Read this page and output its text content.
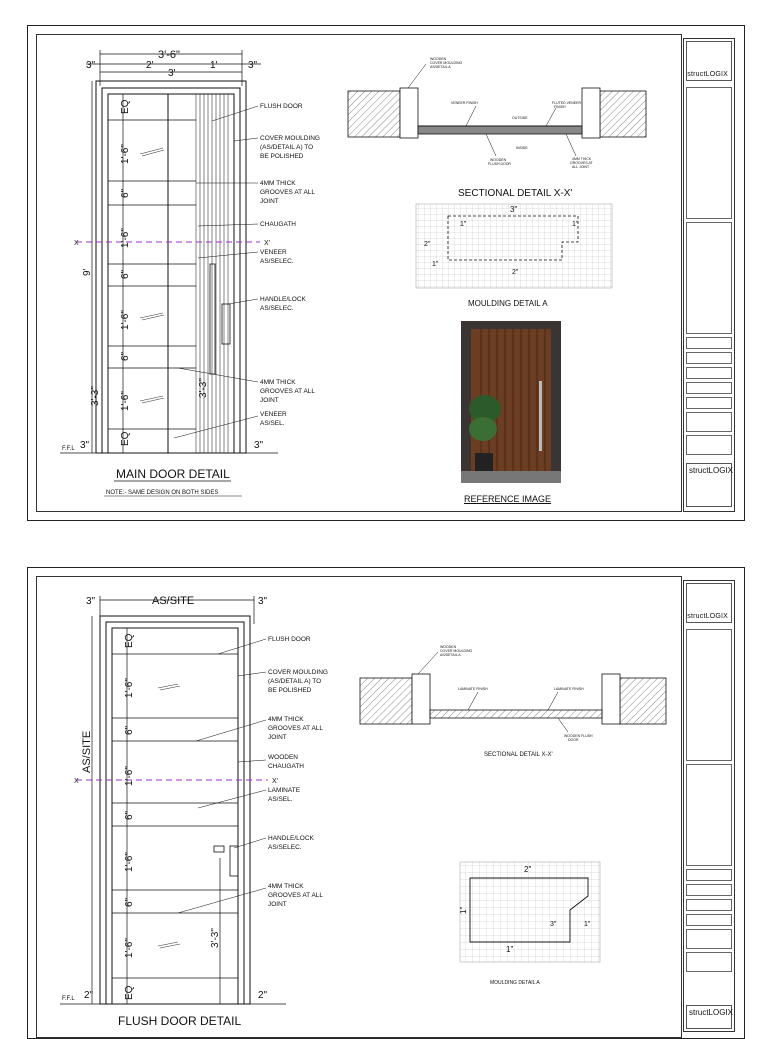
3'-6"
3"	2'	1'	3"
3'
X	X'
9'
EQ
1'-6"
6"
1'-6"
6"
1'-6"
6"
1'-6"
EQ
3'-3"	3'-3"
F.F.L 3"	3"
FLUSH DOOR
COVER MOULDING
(AS/DETAIL A) TO
BE POLISHED
4MM THICK
GROOVES AT ALL
JOINT
CHAUGATH
VENEER
AS/SELEC.
HANDLE/LOCK
AS/SELEC.
4MM THICK
GROOVES AT ALL
JOINT
VENEER
AS/SEL.
MAIN DOOR DETAIL
NOTE:- SAME DESIGN ON BOTH SIDES
WOODEN
COVER MOULDING
AS/DETAIL A
VENEER FINISH	FLUTED VENEER
FINISH
OUTSIDE
WOODEN
FLUSH DOOR
INSIDE
4MM THICK
GROOVES AT
ALL JOINT
SECTIONAL DETAIL X-X'
3"
1"	1"
2"
2"
1"
MOULDING DETAIL A
REFERENCE IMAGE
structLOGIX
structLOGIX
3"	AS/SITE	3"
X	X'
AS/SITE
EQ
1'-6"
6"
1'-6"
6"
1'-6"
6"
1'-6"
EQ
3'-3"
F.F.L 2"	2"
FLUSH DOOR
COVER MOULDING
(AS/DETAIL A) TO
BE POLISHED
4MM THICK
GROOVES AT ALL
JOINT
WOODEN
CHAUGATH
LAMINATE
AS/SEL.
HANDLE/LOCK
AS/SELEC.
4MM THICK
GROOVES AT ALL
JOINT
FLUSH DOOR DETAIL
WOODEN
COVER MOULDING
AS/DETAIL A
LAMINATE FINISH	LAMINATE FINISH
WOODEN FLUSH
DOOR
SECTIONAL DETAIL X-X'
2"
1"
3"
1"
1"
MOULDING DETAIL A
structLOGIX
structLOGIX
